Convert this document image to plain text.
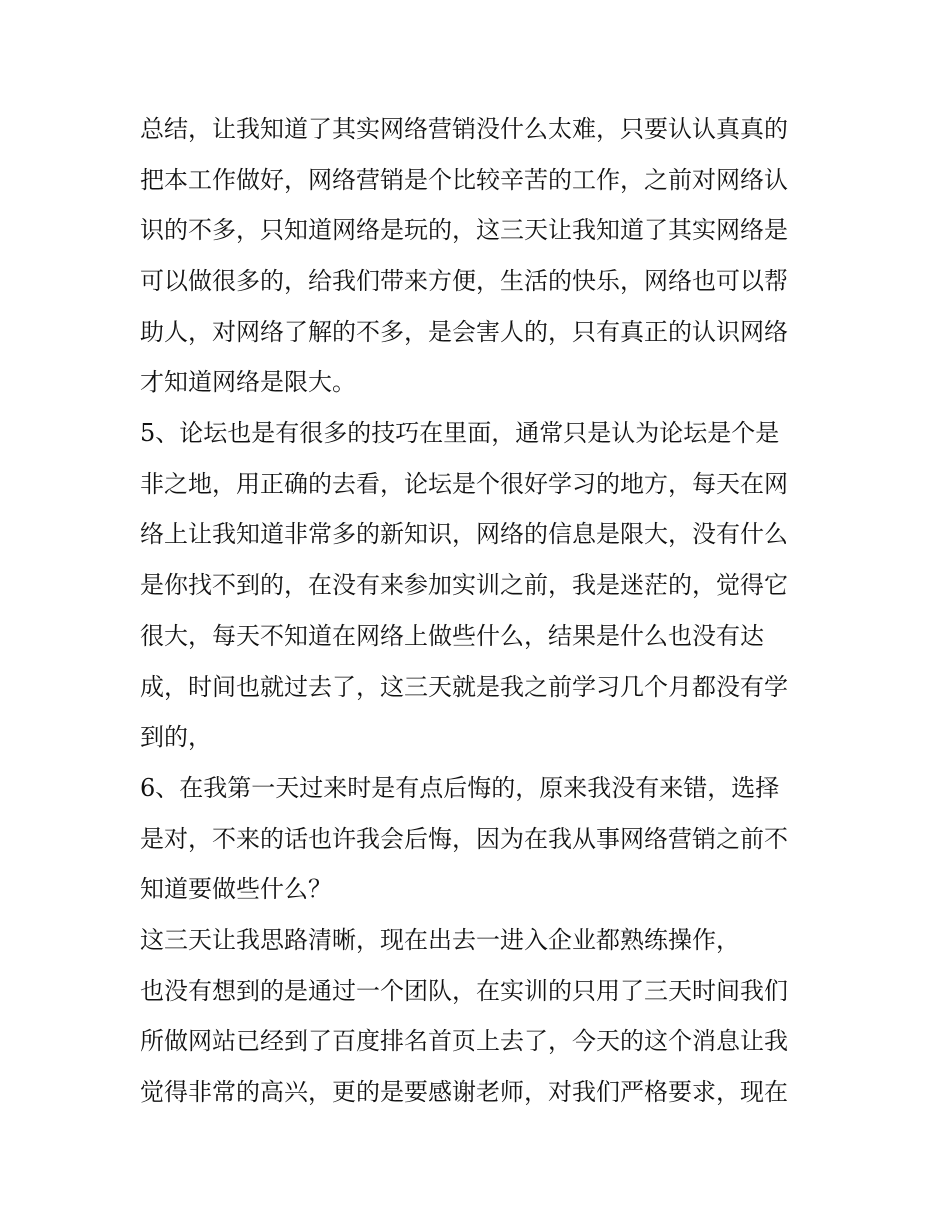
总结，让我知道了其实网络营销没什么太难，只要认认真真的
把本工作做好，网络营销是个比较辛苦的工作，之前对网络认
识的不多，只知道网络是玩的，这三天让我知道了其实网络是
可以做很多的，给我们带来方便，生活的快乐，网络也可以帮
助人，对网络了解的不多，是会害人的，只有真正的认识网络
才知道网络是限大。
5、论坛也是有很多的技巧在里面，通常只是认为论坛是个是
非之地，用正确的去看，论坛是个很好学习的地方，每天在网
络上让我知道非常多的新知识，网络的信息是限大，没有什么
是你找不到的，在没有来参加实训之前，我是迷茫的，觉得它
很大，每天不知道在网络上做些什么，结果是什么也没有达
成，时间也就过去了，这三天就是我之前学习几个月都没有学
到的，
6、在我第一天过来时是有点后悔的，原来我没有来错，选择
是对，不来的话也许我会后悔，因为在我从事网络营销之前不
知道要做些什么？
这三天让我思路清晰，现在出去一进入企业都熟练操作，
也没有想到的是通过一个团队，在实训的只用了三天时间我们
所做网站已经到了百度排名首页上去了，今天的这个消息让我
觉得非常的高兴，更的是要感谢老师，对我们严格要求，现在
